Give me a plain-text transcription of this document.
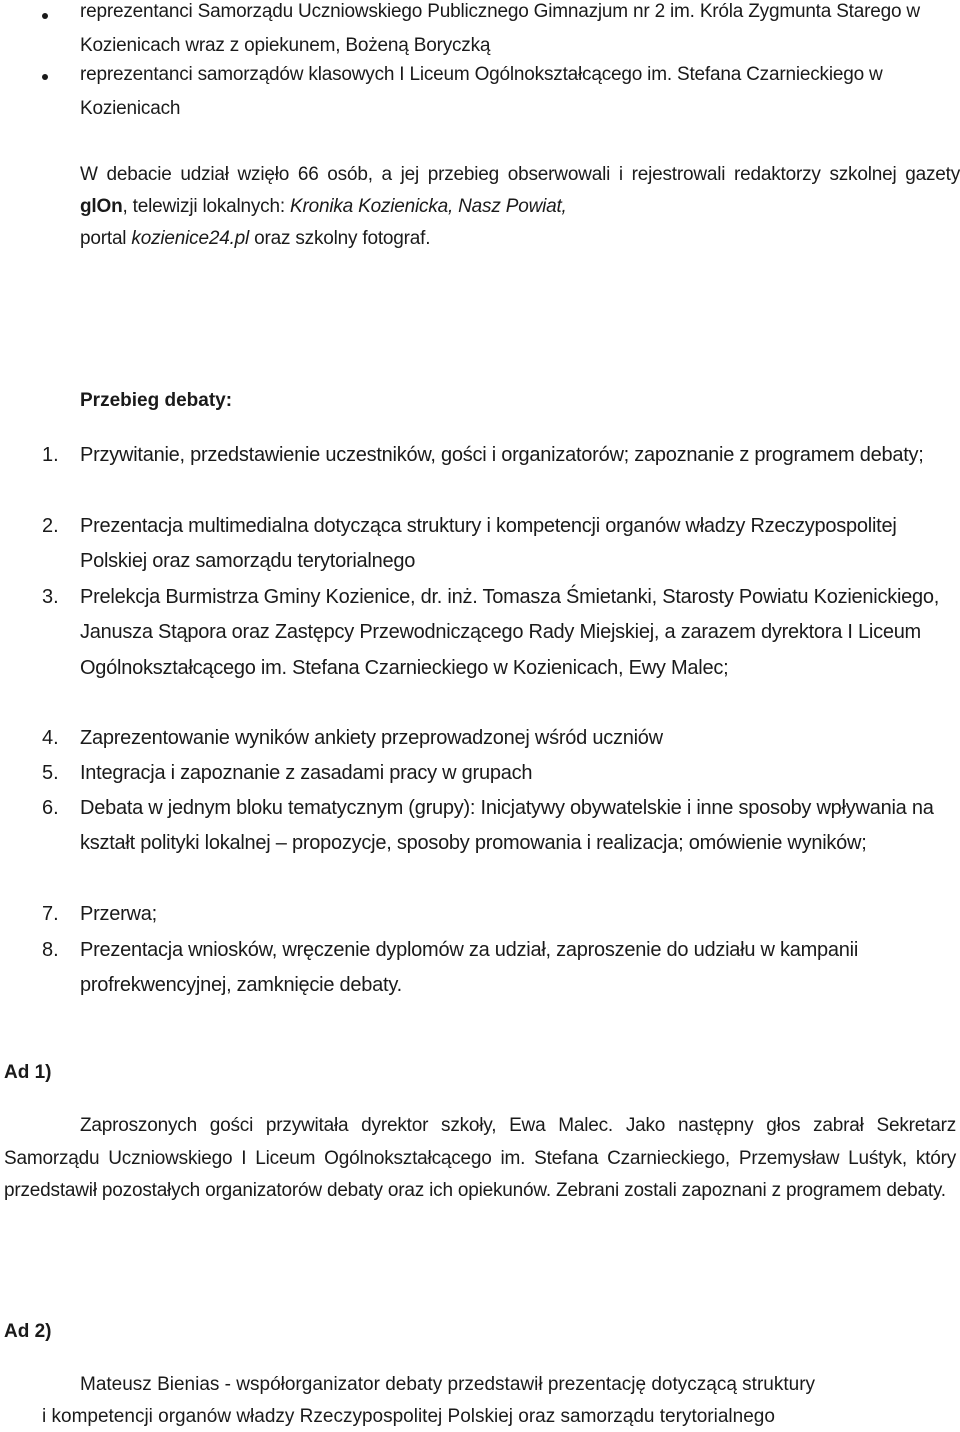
reprezentanci Samorządu Uczniowskiego Publicznego Gimnazjum nr 2 im. Króla Zygmunta Starego w Kozienicach wraz z opiekunem, Bożeną Boryczką
reprezentanci samorządów klasowych I Liceum Ogólnokształcącego im. Stefana Czarnieckiego w Kozienicach
W debacie udział wzięło 66 osób, a jej przebieg obserwowali i rejestrowali redaktorzy szkolnej gazety glOn, telewizji lokalnych: Kronika Kozienicka, Nasz Powiat,
portal kozienice24.pl oraz szkolny fotograf.
Przebieg debaty:
1. Przywitanie, przedstawienie uczestników, gości i organizatorów; zapoznanie z programem debaty;
2. Prezentacja multimedialna dotycząca struktury i kompetencji organów władzy Rzeczypospolitej Polskiej oraz samorządu terytorialnego
3. Prelekcja Burmistrza Gminy Kozienice, dr. inż. Tomasza Śmietanki, Starosty Powiatu Kozienickiego, Janusza Stąpora oraz Zastępcy Przewodniczącego Rady Miejskiej, a zarazem dyrektora I Liceum Ogólnokształcącego im. Stefana Czarnieckiego w Kozienicach, Ewy Malec;
4. Zaprezentowanie wyników ankiety przeprowadzonej wśród uczniów
5. Integracja i zapoznanie z zasadami pracy w grupach
6. Debata w jednym bloku tematycznym (grupy): Inicjatywy obywatelskie i inne sposoby wpływania na kształt polityki lokalnej – propozycje, sposoby promowania i realizacja; omówienie wyników;
7. Przerwa;
8. Prezentacja wniosków, wręczenie dyplomów za udział, zaproszenie do udziału w kampanii profrekwencyjnej, zamknięcie debaty.
Ad 1)
Zaproszonych gości przywitała dyrektor szkoły, Ewa Malec. Jako następny głos zabrał Sekretarz Samorządu Uczniowskiego I Liceum Ogólnokształcącego im. Stefana Czarnieckiego, Przemysław Luśtyk, który przedstawił pozostałych organizatorów debaty oraz ich opiekunów. Zebrani zostali zapoznani z programem debaty.
Ad 2)
Mateusz Bienias - współorganizator debaty przedstawił prezentację dotyczącą struktury
i kompetencji organów władzy Rzeczypospolitej Polskiej oraz samorządu terytorialnego
